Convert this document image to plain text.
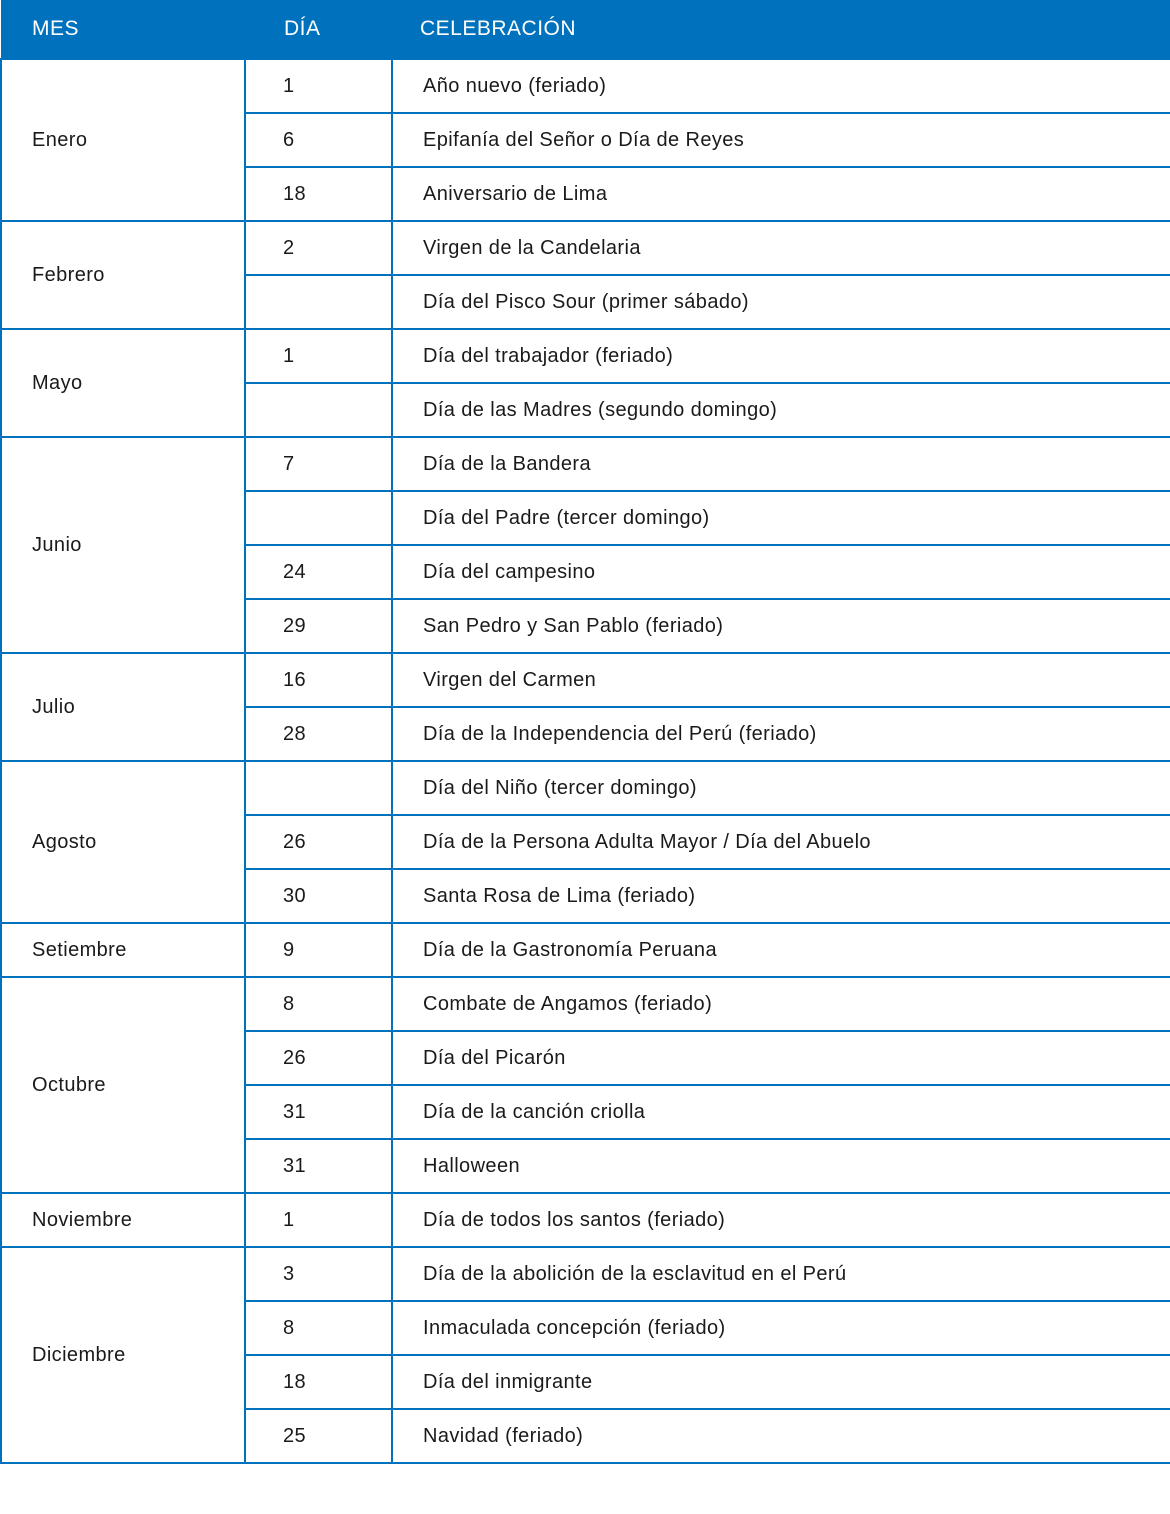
MES	DÍA	CELEBRACIÓN
Enero	1	Año nuevo (feriado)
	6	Epifanía del Señor o Día de Reyes
	18	Aniversario de Lima
Febrero	2	Virgen de la Candelaria
		Día del Pisco Sour (primer sábado)
Mayo	1	Día del trabajador (feriado)
		Día de las Madres (segundo domingo)
Junio	7	Día de la Bandera
		Día del Padre (tercer domingo)
	24	Día del campesino
	29	San Pedro y San Pablo (feriado)
Julio	16	Virgen del Carmen
	28	Día de la Independencia del Perú (feriado)
Agosto		Día del Niño (tercer domingo)
	26	Día de la Persona Adulta Mayor / Día del Abuelo
	30	Santa Rosa de Lima (feriado)
Setiembre	9	Día de la Gastronomía Peruana
Octubre	8	Combate de Angamos (feriado)
	26	Día del Picarón
	31	Día de la canción criolla
	31	Halloween
Noviembre	1	Día de todos los santos (feriado)
Diciembre	3	Día de la abolición de la esclavitud en el Perú
	8	Inmaculada concepción (feriado)
	18	Día del inmigrante
	25	Navidad (feriado)
